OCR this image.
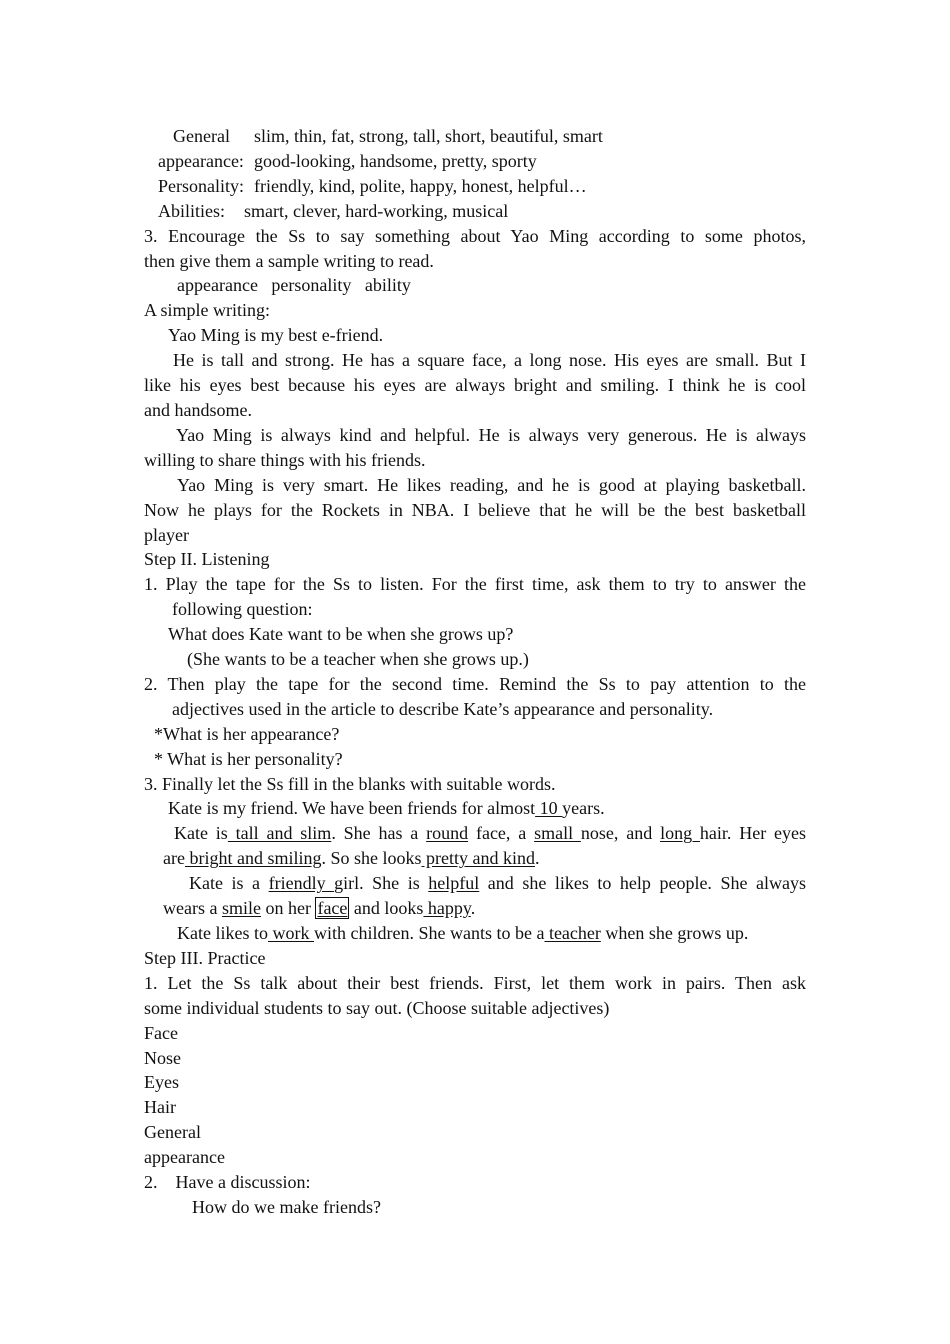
General slim, thin, fat, strong, tall, short, beautiful, smart
appearance: good-looking, handsome, pretty, sporty
Personality: friendly, kind, polite, happy, honest, helpful…
Abilities: smart, clever, hard-working, musical
3. Encourage the Ss to say something about Yao Ming according to some photos,
then give them a sample writing to read.
appearance   personality   ability
A simple writing:
Yao Ming is my best e-friend.
He is tall and strong. He has a square face, a long nose. His eyes are small. But I
like his eyes best because his eyes are always bright and smiling. I think he is cool
and handsome.
Yao Ming is always kind and helpful. He is always very generous. He is always
willing to share things with his friends.
Yao Ming is very smart. He likes reading, and he is good at playing basketball.
Now he plays for the Rockets in NBA. I believe that he will be the best basketball
player
Step II. Listening
1. Play the tape for the Ss to listen. For the first time, ask them to try to answer the
following question:
What does Kate want to be when she grows up?
(She wants to be a teacher when she grows up.)
2. Then play the tape for the second time. Remind the Ss to pay attention to the
adjectives used in the article to describe Kate’s appearance and personality.
*What is her appearance?
* What is her personality?
3. Finally let the Ss fill in the blanks with suitable words.
Kate is my friend. We have been friends for almost 10 years.
Kate is tall and slim. She has a round face, a small nose, and long hair. Her eyes
are bright and smiling. So she looks pretty and kind.
Kate is a friendly girl. She is helpful and she likes to help people. She always
wears a smile on her face and looks happy.
Kate likes to work with children. She wants to be a teacher when she grows up.
Step III. Practice
1. Let the Ss talk about their best friends. First, let them work in pairs. Then ask
some individual students to say out. (Choose suitable adjectives)
Face
Nose
Eyes
Hair
General
appearance
2.    Have a discussion:
How do we make friends?
